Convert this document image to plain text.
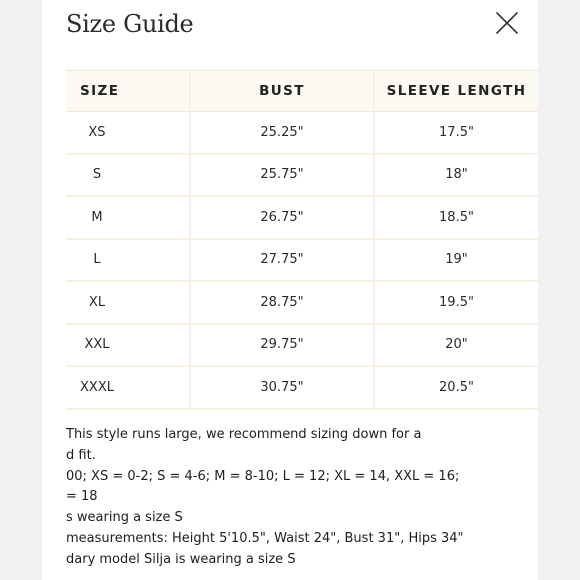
Size Guide
SIZE	BUST	SLEEVE LENGTH
XS	25.25"	17.5"
S	25.75"	18"
M	26.75"	18.5"
L	27.75"	19"
XL	28.75"	19.5"
XXL	29.75"	20"
XXXL	30.75"	20.5"
This style runs large, we recommend sizing down for a
d fit.
00; XS = 0-2; S = 4-6; M = 8-10; L = 12; XL = 14, XXL = 16;
= 18
s wearing a size S
measurements: Height 5'10.5", Waist 24", Bust 31", Hips 34"
dary model Silja is wearing a size S
